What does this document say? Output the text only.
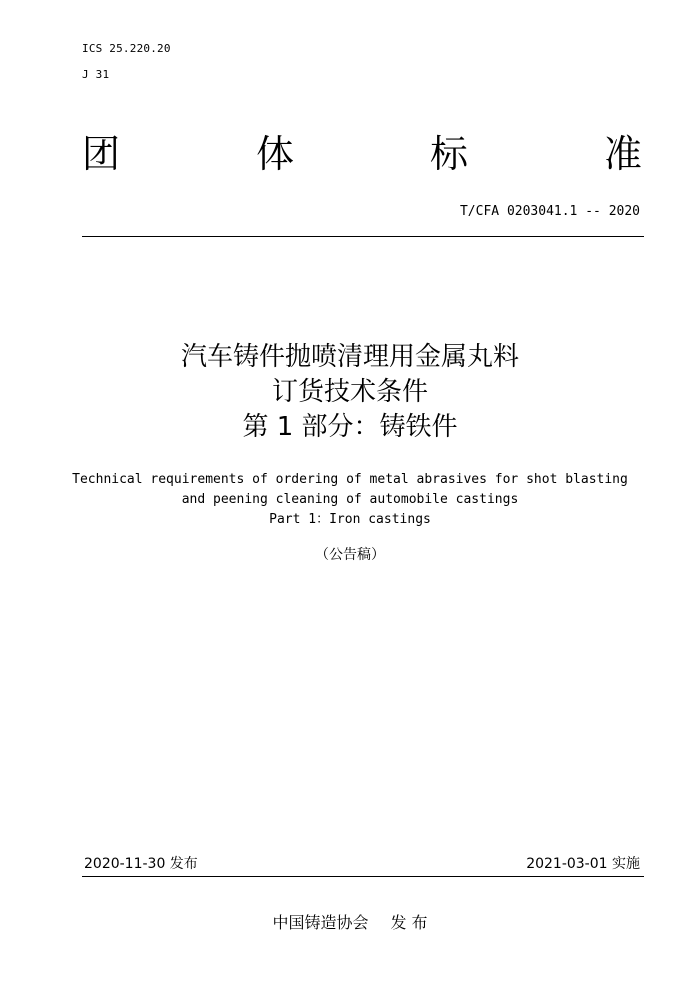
ICS 25.220.20
J 31
团	体	标	准
T/CFA 0203041.1 -- 2020
汽车铸件抛喷清理用金属丸料
订货技术条件
第 1 部分：铸铁件
Technical requirements of ordering of metal abrasives for shot blasting
and peening cleaning of automobile castings
Part 1：Iron castings
（公告稿）
2020-11-30 发布	2021-03-01 实施
中国铸造协会 发 布
